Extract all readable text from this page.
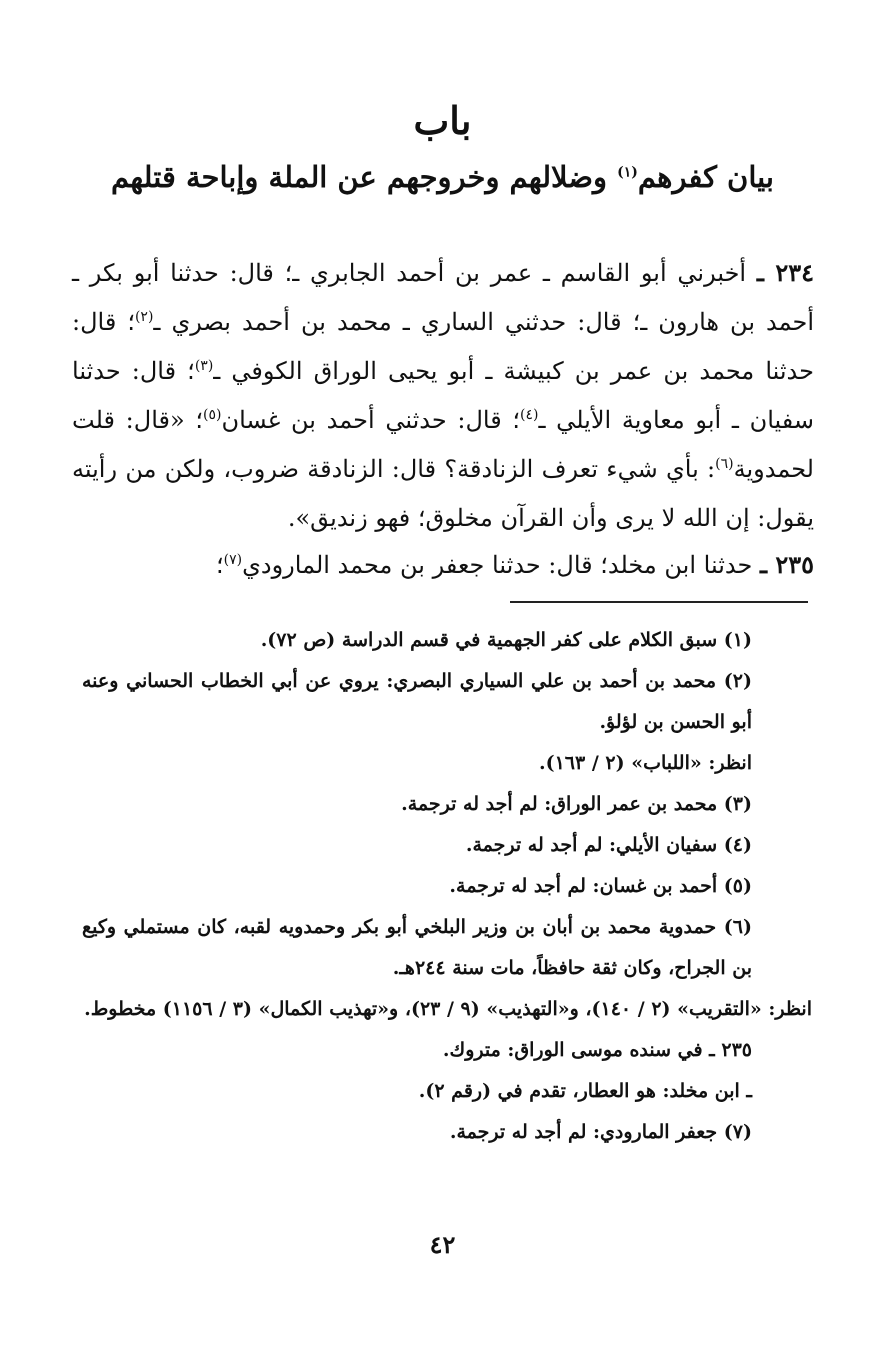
باب
بيان كفرهم$^{(١)}$ وضلالهم وخروجهم عن الملة وإباحة قتلهم
٢٣٤ ـ أخبرني أبو القاسم ـ عمر بن أحمد الجابري ـ؛ قال: حدثنا أبو بكر ـ أحمد بن هارون ـ؛ قال: حدثني الساري ـ محمد بن أحمد بصري ـ$^{(٢)}$؛ قال: حدثنا محمد بن عمر بن كبيشة ـ أبو يحيى الوراق الكوفي ـ$^{(٣)}$؛ قال: حدثنا سفيان ـ أبو معاوية الأيلي ـ$^{(٤)}$؛ قال: حدثني أحمد بن غسان$^{(٥)}$؛ «قال: قلت لحمدوية$^{(٦)}$: بأي شيء تعرف الزنادقة؟ قال: الزنادقة ضروب، ولكن من رأيته يقول: إن الله لا يرى وأن القرآن مخلوق؛ فهو زنديق».
٢٣٥ ـ حدثنا ابن مخلد؛ قال: حدثنا جعفر بن محمد المارودي$^{(٧)}$؛

(١) سبق الكلام على كفر الجهمية في قسم الدراسة (ص ٧٢).

(٢) محمد بن أحمد بن علي السياري البصري: يروي عن أبي الخطاب الحساني وعنه أبو الحسن بن لؤلؤ.

انظر: «اللباب» (٢ / ١٦٣).

(٣) محمد بن عمر الوراق: لم أجد له ترجمة.

(٤) سفيان الأيلي: لم أجد له ترجمة.

(٥) أحمد بن غسان: لم أجد له ترجمة.

(٦) حمدوية محمد بن أبان بن وزير البلخي أبو بكر وحمدويه لقبه، كان مستملي وكيع بن الجراح، وكان ثقة حافظاً، مات سنة ٢٤٤هـ.

انظر: «التقريب» (٢ / ١٤٠)، و«التهذيب» (٩ / ٢٣)، و«تهذيب الكمال» (٣ / ١١٥٦) مخطوط.

٢٣٥ ـ في سنده موسى الوراق: متروك.

ـ ابن مخلد: هو العطار، تقدم في (رقم ٢).

(٧) جعفر المارودي: لم أجد له ترجمة.

٤٢
